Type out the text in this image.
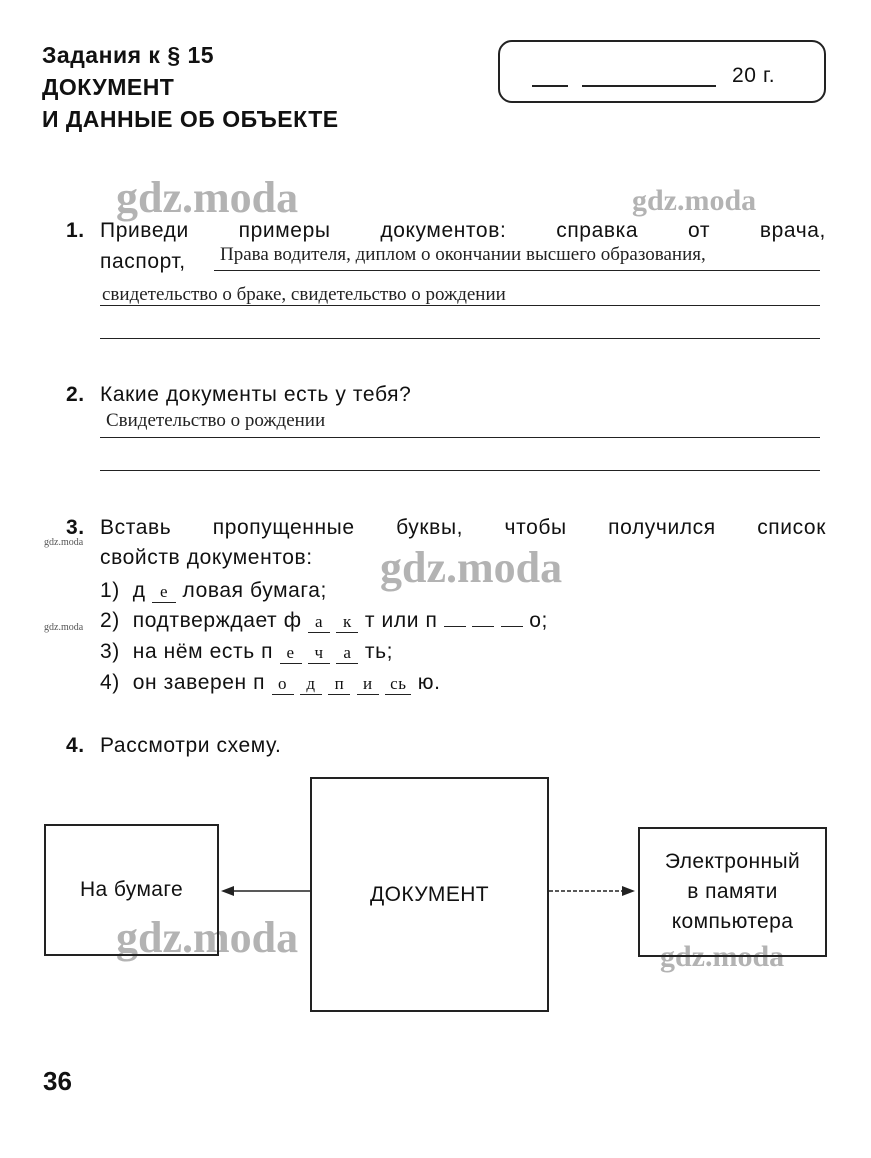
Задания к § 15
ДОКУМЕНТ
И ДАННЫЕ ОБ ОБЪЕКТЕ
20 г.
gdz.moda	gdz.moda
gdz.moda
gdz.moda	gdz.moda
gdz.moda
gdz.moda
1. Приведи примеры документов: справка от врача,
паспорт, Права водителя, диплом о окончании высшего образования,
свидетельство о браке, свидетельство о рождении
2. Какие документы есть у тебя?
Свидетельство о рождении
3. Вставь пропущенные буквы, чтобы получился список
свойств документов:
1) д е ловая бумага;
2) подтверждает ф а к т или п	о;
3) на нём есть п е ч а ть;
4) он заверен п о д п и сь ю.
4. Рассмотри схему.
На бумаге	ДОКУМЕНТ
Электронный
в памяти
компьютера
36
